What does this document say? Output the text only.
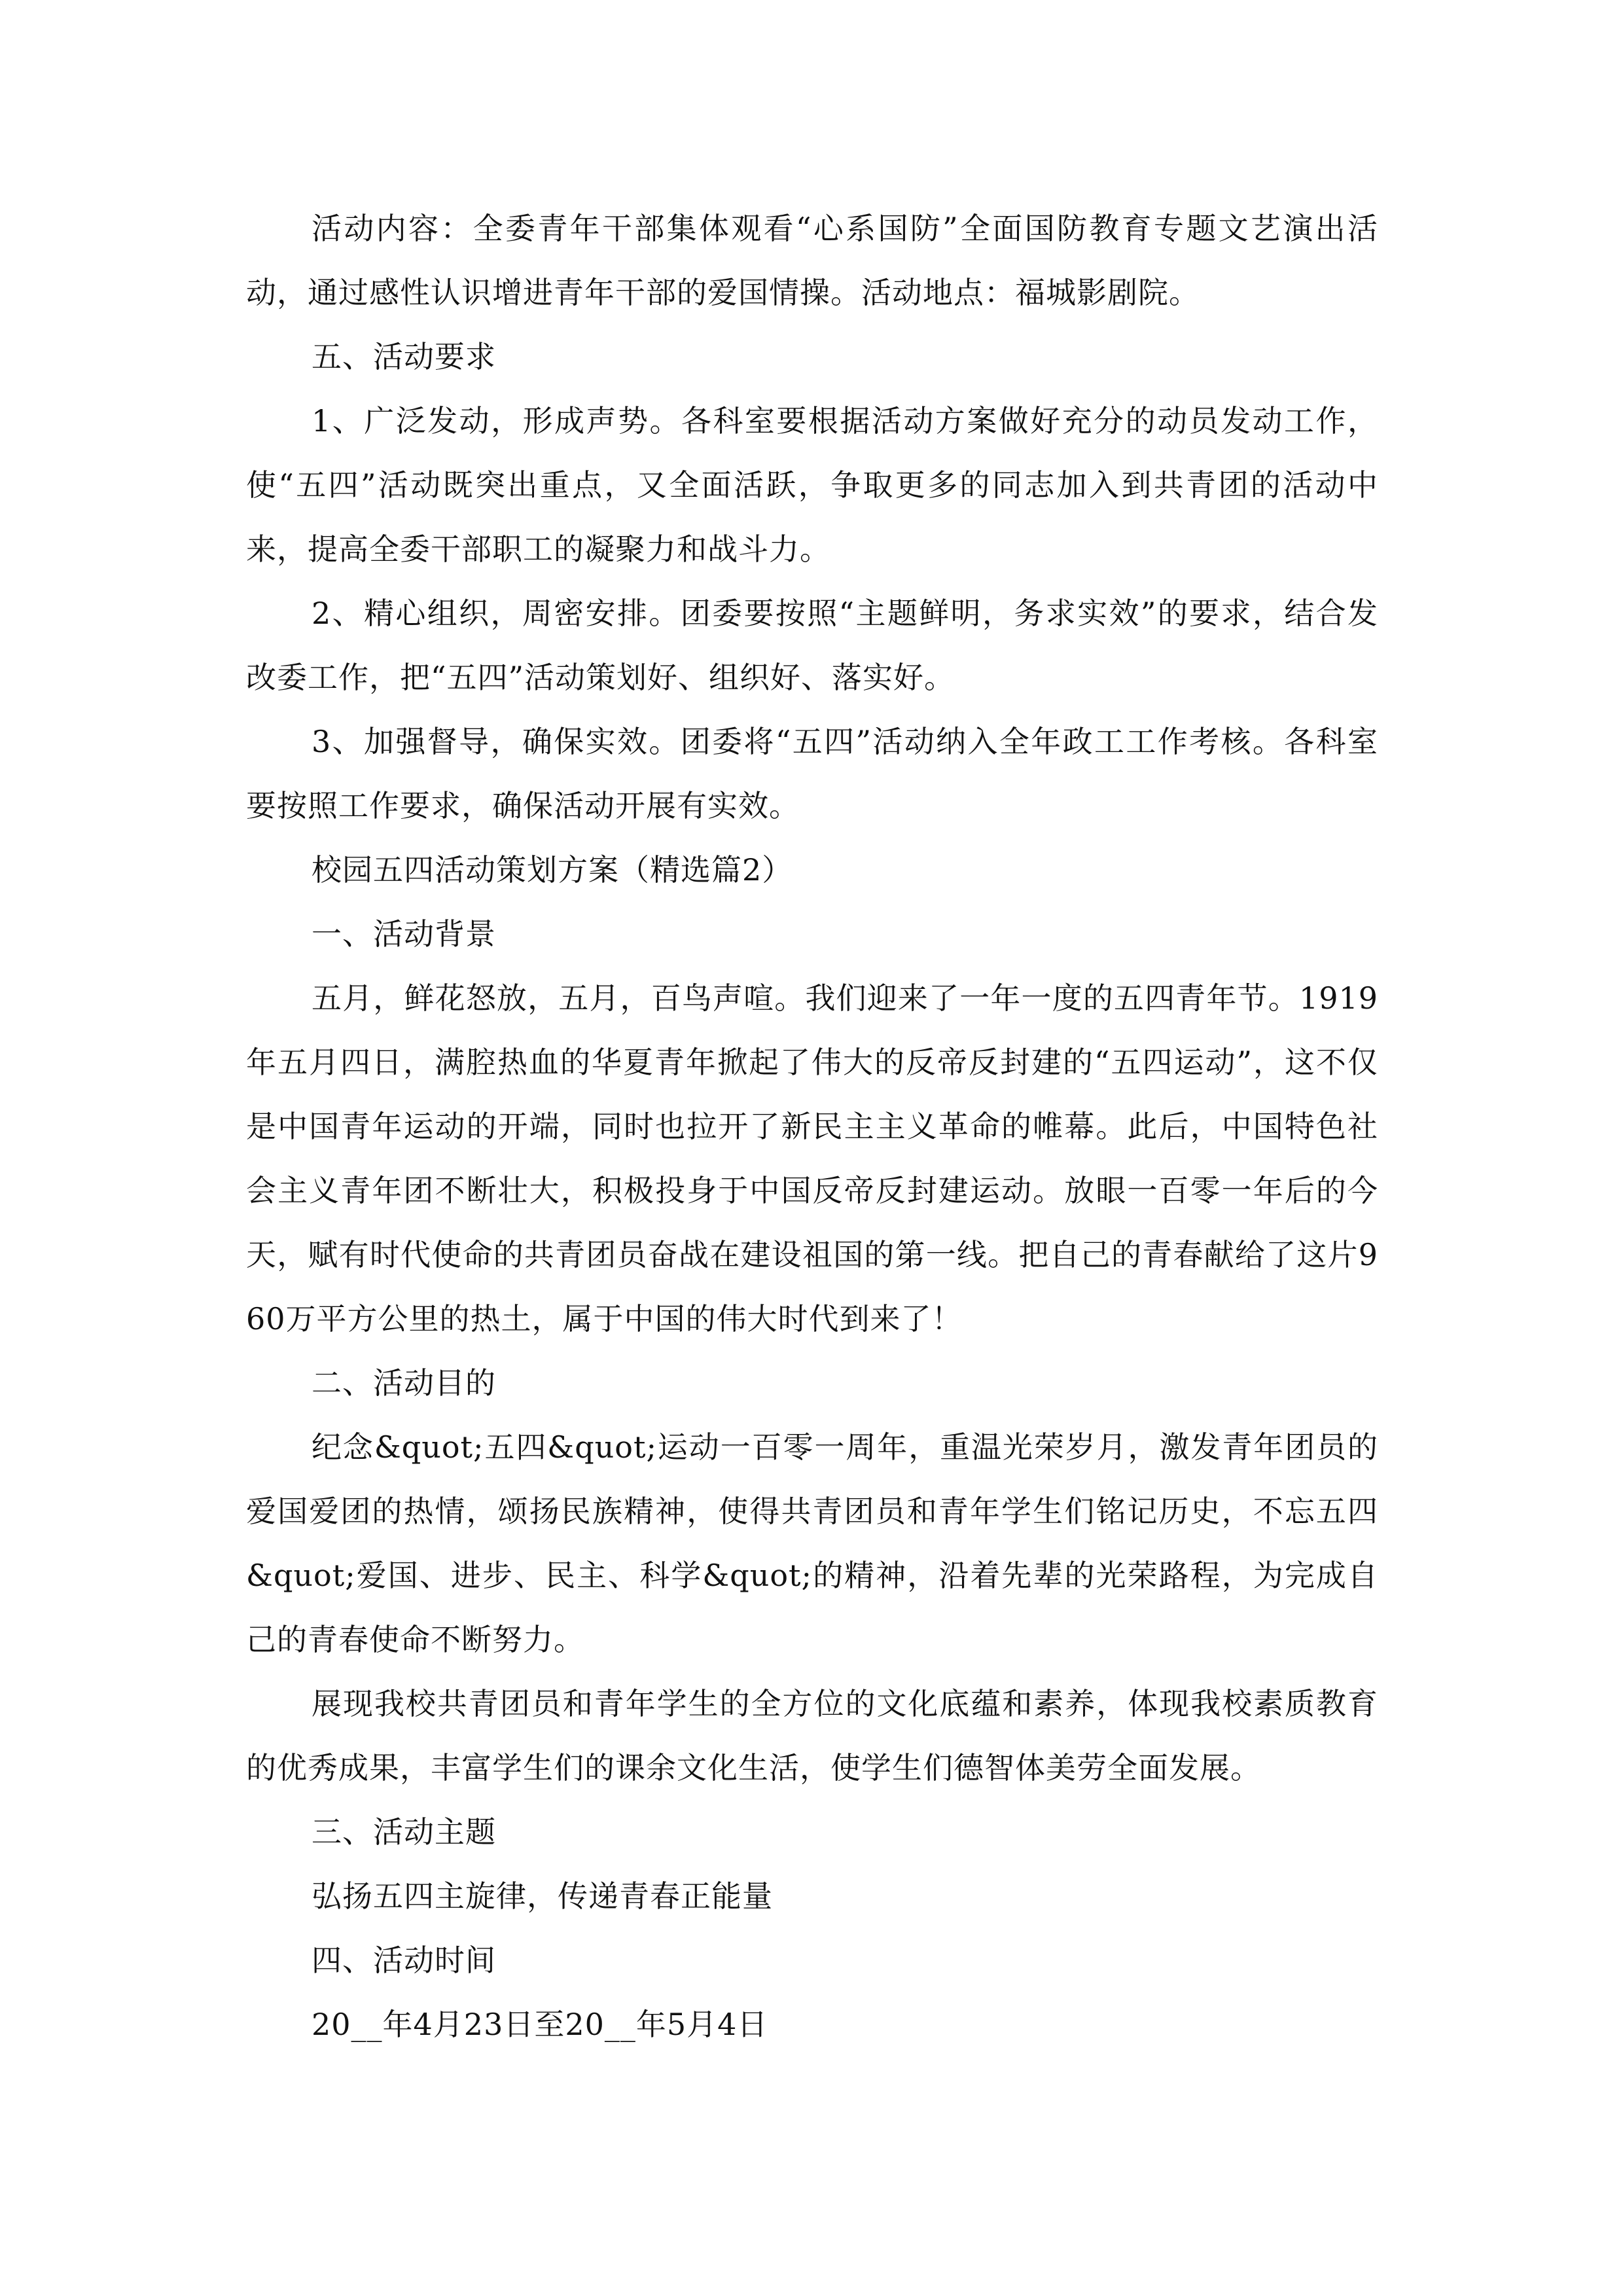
活动内容：全委青年干部集体观看“心系国防”全面国防教育专题文艺演出活动，通过感性认识增进青年干部的爱国情操。活动地点：福城影剧院。

五、活动要求

1、广泛发动，形成声势。各科室要根据活动方案做好充分的动员发动工作，使“五四”活动既突出重点，又全面活跃，争取更多的同志加入到共青团的活动中来，提高全委干部职工的凝聚力和战斗力。

2、精心组织，周密安排。团委要按照“主题鲜明，务求实效”的要求，结合发改委工作，把“五四”活动策划好、组织好、落实好。

3、加强督导，确保实效。团委将“五四”活动纳入全年政工工作考核。各科室要按照工作要求，确保活动开展有实效。

校园五四活动策划方案（精选篇2）

一、活动背景

五月，鲜花怒放，五月，百鸟声喧。我们迎来了一年一度的五四青年节。1919年五月四日，满腔热血的华夏青年掀起了伟大的反帝反封建的“五四运动”，这不仅是中国青年运动的开端，同时也拉开了新民主主义革命的帷幕。此后，中国特色社会主义青年团不断壮大，积极投身于中国反帝反封建运动。放眼一百零一年后的今天，赋有时代使命的共青团员奋战在建设祖国的第一线。把自己的青春献给了这片960万平方公里的热土，属于中国的伟大时代到来了！

二、活动目的

纪念&quot;五四&quot;运动一百零一周年，重温光荣岁月，激发青年团员的爱国爱团的热情，颂扬民族精神，使得共青团员和青年学生们铭记历史，不忘五四&quot;爱国、进步、民主、科学&quot;的精神，沿着先辈的光荣路程，为完成自己的青春使命不断努力。

展现我校共青团员和青年学生的全方位的文化底蕴和素养，体现我校素质教育的优秀成果，丰富学生们的课余文化生活，使学生们德智体美劳全面发展。

三、活动主题

弘扬五四主旋律，传递青春正能量

四、活动时间

20__年4月23日至20__年5月4日
